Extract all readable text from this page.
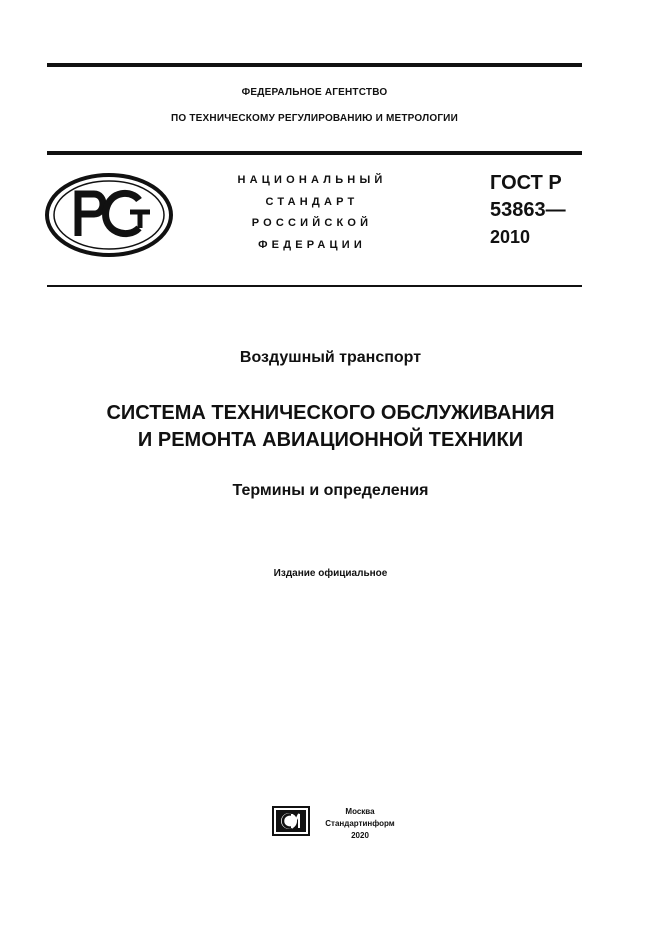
ФЕДЕРАЛЬНОЕ АГЕНТСТВО
ПО ТЕХНИЧЕСКОМУ РЕГУЛИРОВАНИЮ И МЕТРОЛОГИИ
НАЦИОНАЛЬНЫЙ
СТАНДАРТ
РОССИЙСКОЙ
ФЕДЕРАЦИИ
ГОСТ Р
53863—
2010
Воздушный транспорт
СИСТЕМА ТЕХНИЧЕСКОГО ОБСЛУЖИВАНИЯ
И РЕМОНТА АВИАЦИОННОЙ ТЕХНИКИ
Термины и определения
Издание официальное
Москва
Стандартинформ
2020
